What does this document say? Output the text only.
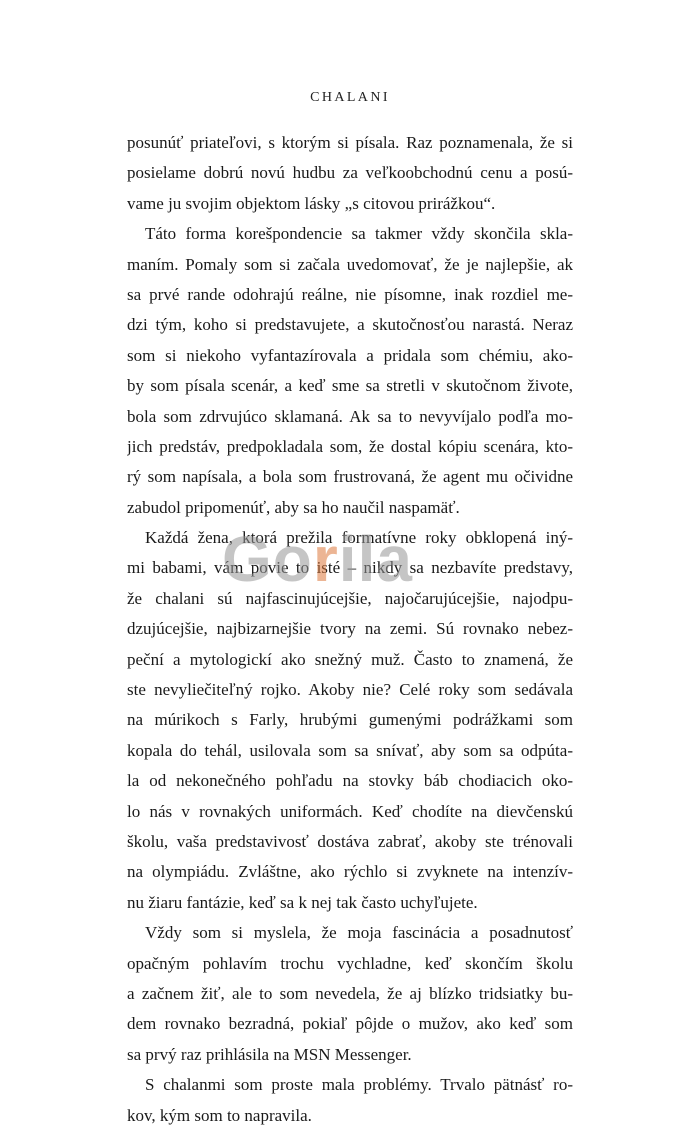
CHALANI
posunúť priateľovi, s ktorým si písala. Raz poznamenala, že si
posielame dobrú novú hudbu za veľkoobchodnú cenu a posú-
vame ju svojim objektom lásky „s citovou prirážkou“.
Táto forma korešpondencie sa takmer vždy skončila skla-
maním. Pomaly som si začala uvedomovať, že je najlepšie, ak
sa prvé rande odohrajú reálne, nie písomne, inak rozdiel me-
dzi tým, koho si predstavujete, a skutočnosťou narastá. Neraz
som si niekoho vyfantazírovala a pridala som chémiu, ako-
by som písala scenár, a keď sme sa stretli v skutočnom živote,
bola som zdrvujúco sklamaná. Ak sa to nevyvíjalo podľa mo-
jich predstáv, predpokladala som, že dostal kópiu scenára, kto-
rý som napísala, a bola som frustrovaná, že agent mu očividne
zabudol pripomenúť, aby sa ho naučil naspamäť.
Každá žena, ktorá prežila formatívne roky obklopená iný-
mi babami, vám povie to isté – nikdy sa nezbavíte predstavy,
že chalani sú najfascinujúcejšie, najočarujúcejšie, najodpu-
dzujúcejšie, najbizarnejšie tvory na zemi. Sú rovnako nebez-
peční a mytologickí ako snežný muž. Často to znamená, že
ste nevyliečiteľný rojko. Akoby nie? Celé roky som sedávala
na múrikoch s Farly, hrubými gumenými podrážkami som
kopala do tehál, usilovala som sa snívať, aby som sa odpúta-
la od nekonečného pohľadu na stovky báb chodiacich oko-
lo nás v rovnakých uniformách. Keď chodíte na dievčenskú
školu, vaša predstavivosť dostáva zabrať, akoby ste trénovali
na olympiádu. Zvláštne, ako rýchlo si zvyknete na intenzív-
nu žiaru fantázie, keď sa k nej tak často uchyľujete.
Vždy som si myslela, že moja fascinácia a posadnutosť
opačným pohlavím trochu vychladne, keď skončím školu
a začnem žiť, ale to som nevedela, že aj blízko tridsiatky bu-
dem rovnako bezradná, pokiaľ pôjde o mužov, ako keď som
sa prvý raz prihlásila na MSN Messenger.
S chalanmi som proste mala problémy. Trvalo pätnásť ro-
kov, kým som to napravila.
Gorila
